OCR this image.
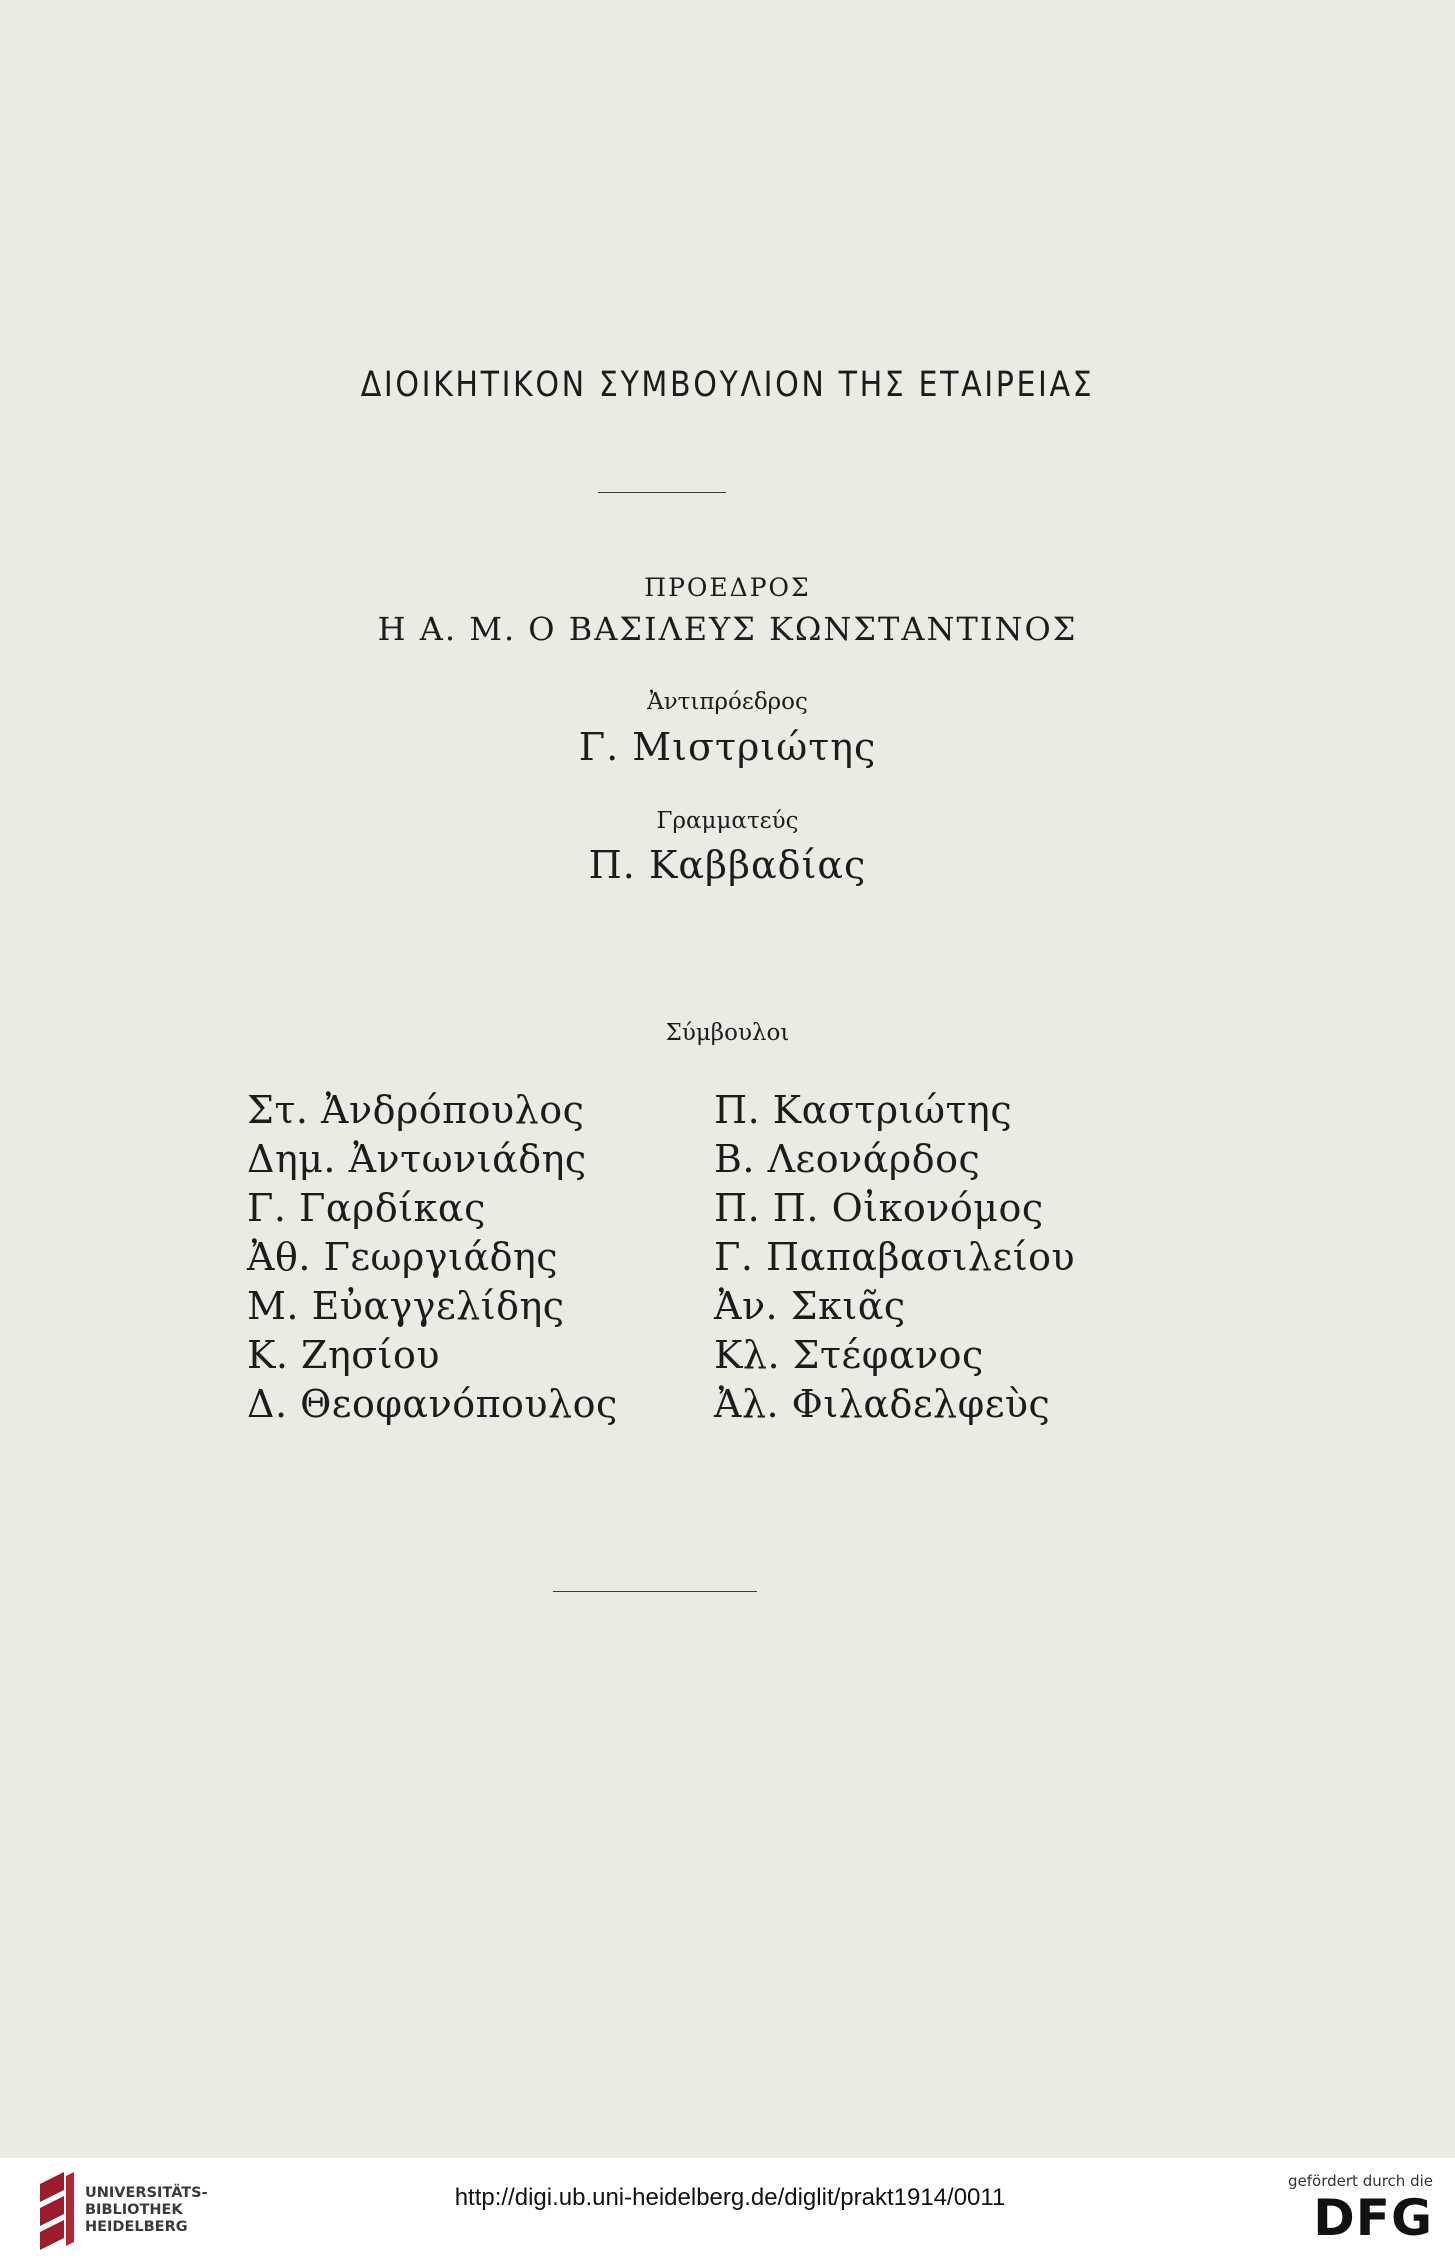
ΔΙΟΙΚΗΤΙΚΟΝ ΣΥΜΒΟΥΛΙΟΝ ΤΗΣ ΕΤΑΙΡΕΙΑΣ
ΠΡΟΕΔΡΟΣ
Η Α. Μ. Ο ΒΑΣΙΛΕΥΣ ΚΩΝΣΤΑΝΤΙΝΟΣ
Ἀντιπρόεδρος
Γ. Μιστριώτης
Γραμματεύς
Π. Καββαδίας
Σύμβουλοι
Στ. Ἀνδρόπουλος
Δημ. Ἀντωνιάδης
Γ. Γαρδίκας
Ἀθ. Γεωργιάδης
Μ. Εὐαγγελίδης
Κ. Ζησίου
Δ. Θεοφανόπουλος
Π. Καστριώτης
Β. Λεονάρδος
Π. Π. Οἰκονόμος
Γ. Παπαβασιλείου
Ἀν. Σκιᾶς
Κλ. Στέφανος
Ἀλ. Φιλαδελφεὺς
UNIVERSITÄTS-
BIBLIOTHEK
HEIDELBERG
http://digi.ub.uni-heidelberg.de/diglit/prakt1914/0011
gefördert durch die
DFG
